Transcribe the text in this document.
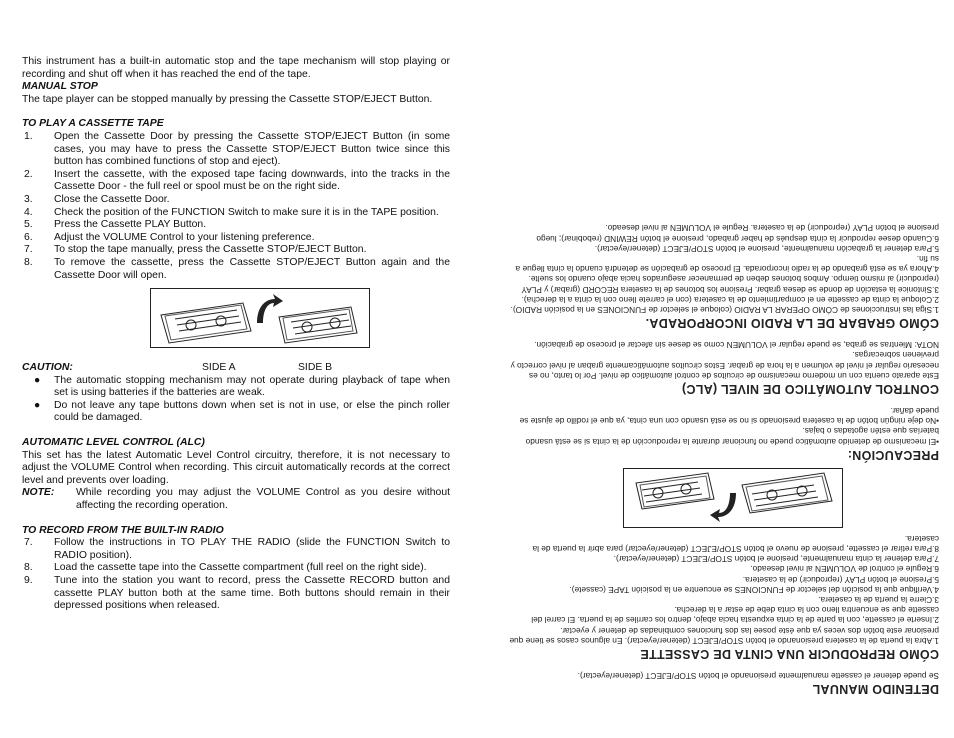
This instrument has a built-in automatic stop and the tape mechanism will stop playing or recording and shut off when it has reached the end of the tape.

MANUAL STOP

The tape player can be stopped manually by pressing the Cassette STOP/EJECT Button.

TO PLAY A CASSETTE TAPE

1.	Open the Cassette Door by pressing the Cassette STOP/EJECT Button (in some cases, you may have to press the Cassette STOP/EJECT Button twice since this button has combined functions of stop and eject).
2.	Insert the cassette, with the exposed tape facing downwards, into the tracks in the Cassette Door - the full reel or spool must be on the right side.
3.	Close the Cassette Door.
4.	Check the position of the FUNCTION Switch to make sure it is in the TAPE position.
5.	Press the Cassette PLAY Button.
6.	Adjust the VOLUME Control to your listening preference.
7.	To stop the tape manually, press the Cassette STOP/EJECT Button.
8.	To remove the cassette, press the Cassette STOP/EJECT Button again and the Cassette Door will open.
CAUTION:	SIDE A	SIDE B
●	The automatic stopping mechanism may not operate during playback of tape when set is using batteries if the batteries are weak.
●	Do not leave any tape buttons down when set is not in use, or else the pinch roller could be damaged.

AUTOMATIC LEVEL CONTROL (ALC)

This set has the latest Automatic Level Control circuitry, therefore, it is not necessary to adjust the VOLUME Control when recording. This circuit automatically records at the correct level and prevents over loading.

NOTE:	While recording you may adjust the VOLUME Control as you desire without affecting the recording operation.

TO RECORD FROM THE BUILT-IN RADIO

7.	Follow the instructions in TO PLAY THE RADIO (slide the FUNCTION Switch to RADIO position).
8.	Load the cassette tape into the Cassette compartment (full reel on the right side).
9.	Tune into the station you want to record, press the Cassette RECORD button and cassette PLAY button both at the same time. Both buttons should remain in their depressed positions when released.

DETENIDO MANUAL

Se puede detener el cassette manualmente presionando el botón STOP/EJECT (detener/eyectar).

CÓMO REPRODUCIR UNA CINTA DE CASSETTE

1.Abra la puerta de la casetera presionando el botón STOP/EJECT (detener/eyectar). En algunos casos se tiene que presionar este botón dos veces ya que éste posee las dos funciones combinadas de detener y eyectar.

2.Inserte el cassette, con la parte de la cinta expuesta hacia abajo, dentro los carriles de la puerta. El carrel del cassette que se encuentra lleno con la cinta debe de estar a la derecha.

3.Cierre la puerta de la casetera.

4.Verifique que la posición del selector de FUNCIONES se encuentre en la posición TAPE (cassete).

5.Presione el botón PLAY (reproducir) de la casetera.

6.Regule el control de VOLUMEN al nivel deseado.

7.Para detener la cinta manualmente, presione el botón STOP/EJECT (detener/eyectar).

8.Para retirar el cassette, presione de nuevo el botón STOP/EJECT (detener/eyectar) para abrir la puerta de la casetera.

PRECAUCIÓN:

•El mecanismo de detenido automático puede no funcionar durante la reproducción de la cinta si se está usando baterías que estén agotadas o bajas.

•No deje ningún botón de la casetera presionado si no se está usando con una cinta, ya que el rodillo de ajuste se puede dañar.

CONTROL AUTOMÁTICO DE NIVEL (ALC)

Este aparato cuenta con un moderno mecanismo de circuitos de control automático de nivel. Por lo tanto, no es necesario regular el nivel de volumen a la hora de grabar. Estos circuitos automáticamente graban al nivel correcto y previenen sobrecargas.

NOTA: Mientras se graba, se puede regular el VOLUMEN como se desee sin afectar el proceso de grabación.

CÓMO GRABAR DE LA RADIO INCORPORADA.

1.Siga las instrucciones de CÓMO OPERAR LA RADIO (coloque el selector de FUNCIONES en la posición RADIO).

2.Coloque la cinta de cassette en el compartimiento de la casetera (con el carrete lleno con la cinta a la derecha).

3.Sintonice la estación de donde se desea grabar. Presione los botones de la casetera RECORD (grabar) y PLAY (reproducir) al mismo tiempo. Ambos botones deben de permanecer asegurados hacia abajo cuando los suelte.

4.Ahora ya se está grabando de la radio incorporada. El proceso de grabación se detendrá cuando la cinta llegue a su fin.

5.Para detener la grabación manualmente, presione el botón STOP/EJECT (detener/eyectar).

6.Cuando desee reproducir la cinta después de haber grabado, presione el botón REWIND (rebobinar); luego presione el botón PLAY (reproducir) de la casetera. Regule el VOLUMEN al nivel deseado.
